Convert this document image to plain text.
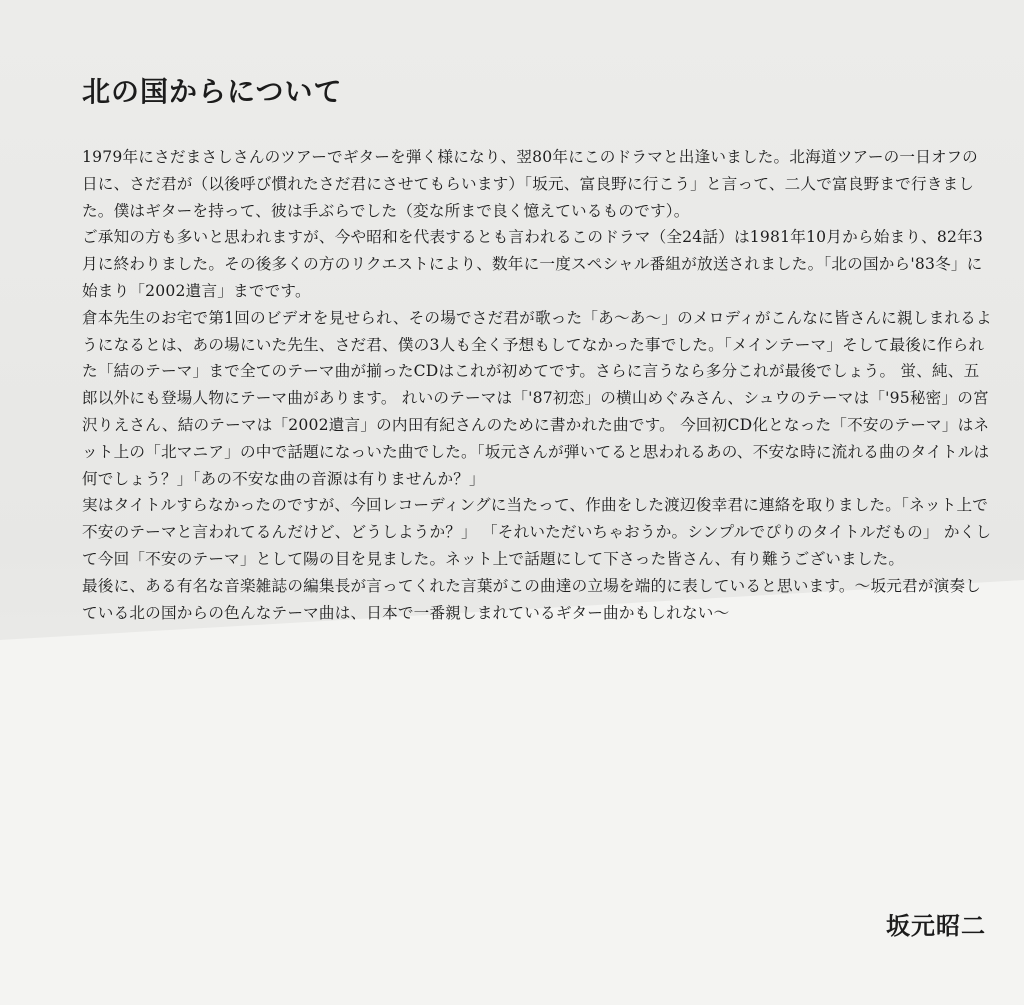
北の国からについて

1979年にさだまさしさんのツアーでギターを弾く様になり、翌80年にこのドラマと出逢いました。北海道ツアーの一日オフの日に、さだ君が（以後呼び慣れたさだ君にさせてもらいます）「坂元、富良野に行こう」と言って、二人で富良野まで行きました。僕はギターを持って、彼は手ぶらでした（変な所まで良く憶えているものです）。

ご承知の方も多いと思われますが、今や昭和を代表するとも言われるこのドラマ（全24話）は1981年10月から始まり、82年3月に終わりました。その後多くの方のリクエストにより、数年に一度スペシャル番組が放送されました。「北の国から'83冬」に始まり「2002遺言」までです。

倉本先生のお宅で第1回のビデオを見せられ、その場でさだ君が歌った「あ～あ～」のメロディがこんなに皆さんに親しまれるようになるとは、あの場にいた先生、さだ君、僕の3人も全く予想もしてなかった事でした。「メインテーマ」そして最後に作られた「結のテーマ」まで全てのテーマ曲が揃ったCDはこれが初めてです。さらに言うなら多分これが最後でしょう。 蛍、純、五郎以外にも登場人物にテーマ曲があります。 れいのテーマは「'87初恋」の横山めぐみさん、シュウのテーマは「'95秘密」の宮沢りえさん、結のテーマは「2002遺言」の内田有紀さんのために書かれた曲です。 今回初CD化となった「不安のテーマ」はネット上の「北マニア」の中で話題になっいた曲でした。「坂元さんが弾いてると思われるあの、不安な時に流れる曲のタイトルは何でしょう？」「あの不安な曲の音源は有りませんか？」

実はタイトルすらなかったのですが、今回レコーディングに当たって、作曲をした渡辺俊幸君に連絡を取りました。「ネット上で不安のテーマと言われてるんだけど、どうしようか？」 「それいただいちゃおうか。シンプルでぴりのタイトルだもの」 かくして今回「不安のテーマ」として陽の目を見ました。ネット上で話題にして下さった皆さん、有り難うございました。

最後に、ある有名な音楽雑誌の編集長が言ってくれた言葉がこの曲達の立場を端的に表していると思います。～坂元君が演奏している北の国からの色んなテーマ曲は、日本で一番親しまれているギター曲かもしれない～

坂元昭二
